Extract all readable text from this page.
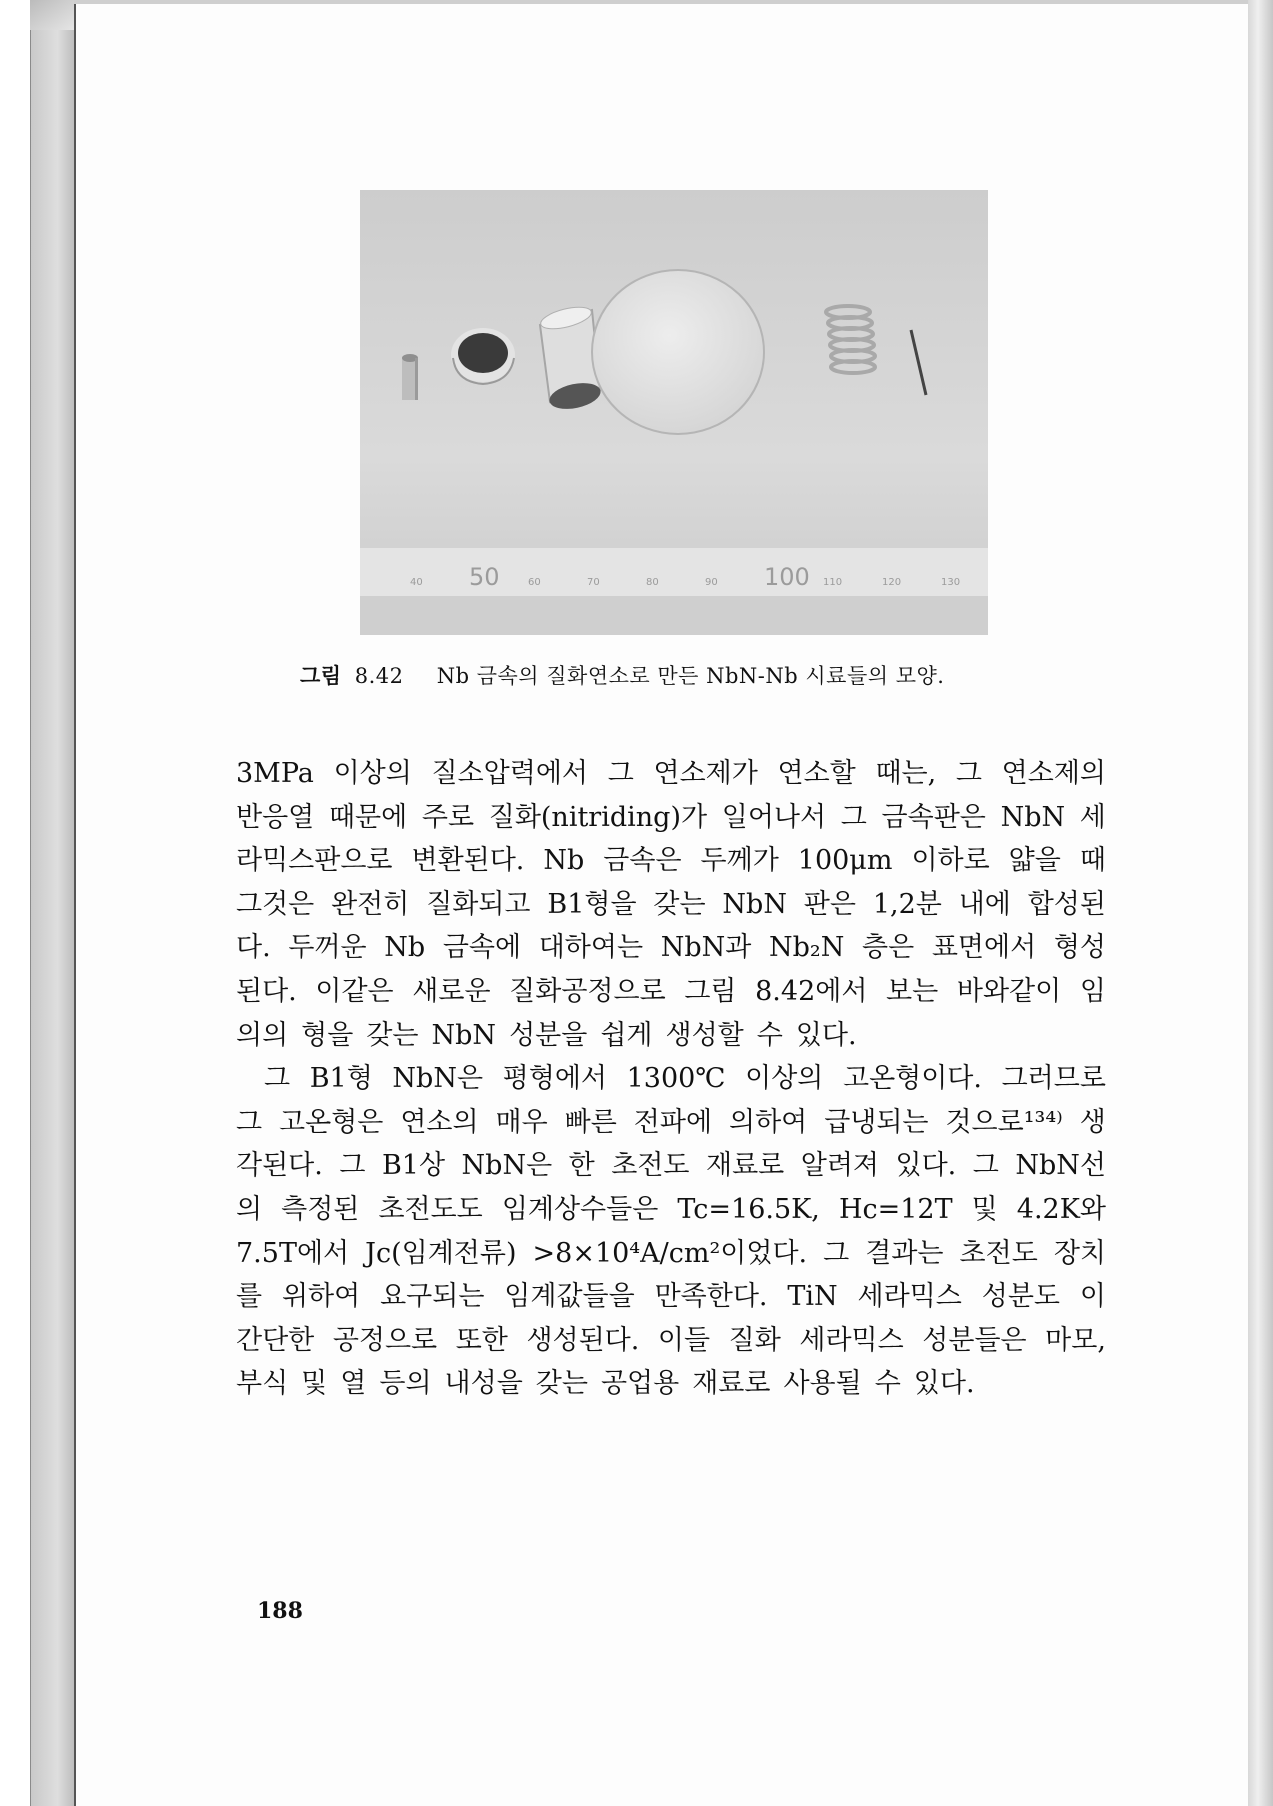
40 50	60	70	80	90 100 110	120	130
그림 8.42 Nb 금속의 질화연소로 만든 NbN-Nb 시료들의 모양.
3MPa 이상의 질소압력에서 그 연소제가 연소할 때는, 그 연소제의
반응열 때문에 주로 질화(nitriding)가 일어나서 그 금속판은 NbN 세
라믹스판으로 변환된다. Nb 금속은 두께가 100μm 이하로 얇을 때
그것은 완전히 질화되고 B1형을 갖는 NbN 판은 1,2분 내에 합성된
다. 두꺼운 Nb 금속에 대하여는 NbN과 Nb₂N 층은 표면에서 형성
된다. 이같은 새로운 질화공정으로 그림 8.42에서 보는 바와같이 임
의의 형을 갖는 NbN 성분을 쉽게 생성할 수 있다.
그 B1형 NbN은 평형에서 1300℃ 이상의 고온형이다. 그러므로
그 고온형은 연소의 매우 빠른 전파에 의하여 급냉되는 것으로¹³⁴⁾ 생
각된다. 그 B1상 NbN은 한 초전도 재료로 알려져 있다. 그 NbN선
의 측정된 초전도도 임계상수들은 Tc=16.5K, Hc=12T 및 4.2K와
7.5T에서 Jc(임계전류) >8×10⁴A/cm²이었다. 그 결과는 초전도 장치
를 위하여 요구되는 임계값들을 만족한다. TiN 세라믹스 성분도 이
간단한 공정으로 또한 생성된다. 이들 질화 세라믹스 성분들은 마모,
부식 및 열 등의 내성을 갖는 공업용 재료로 사용될 수 있다.
188
